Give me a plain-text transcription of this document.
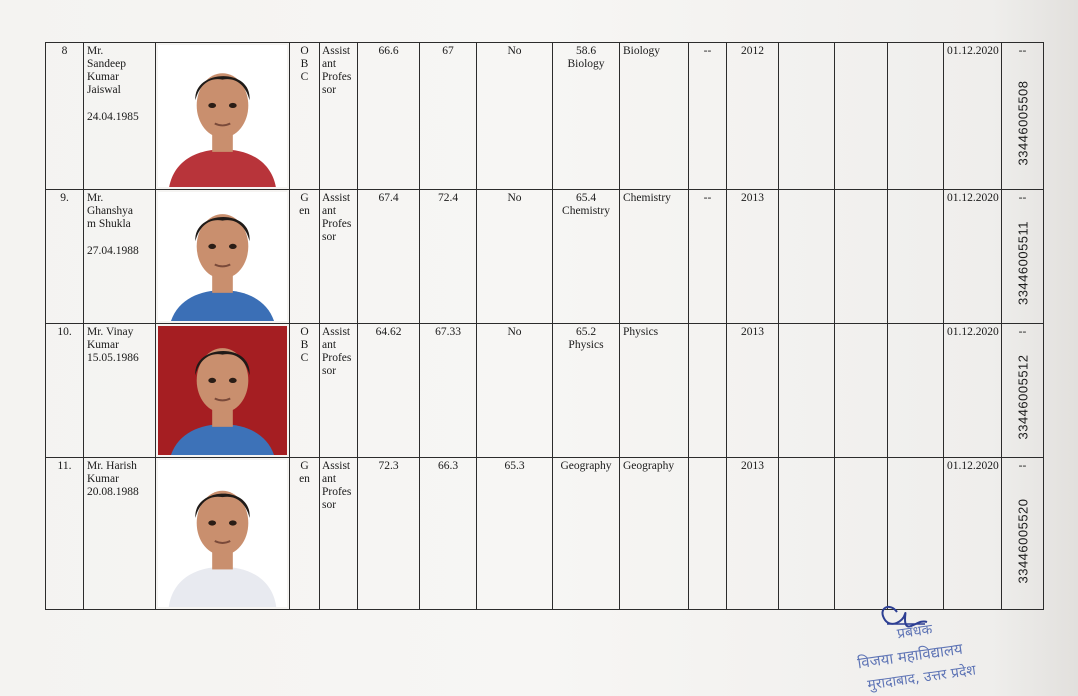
8	Mr.
Sandeep
Kumar
Jaiswal
24.04.1985		O
B
C	Assist
ant
Profes
sor	66.6	67	No	58.6
Biology	Biology	--	2012				01.12.2020	--
33446005508

9.	Mr.
Ghanshya
m Shukla
27.04.1988		G
en	Assist
ant
Profes
sor	67.4	72.4	No	65.4
Chemistry	Chemistry	--	2013				01.12.2020	--
33446005511

10.	Mr. Vinay
Kumar
15.05.1986		O
B
C	Assist
ant
Profes
sor	64.62	67.33	No	65.2
Physics	Physics		2013				01.12.2020	--
33446005512

11.	Mr. Harish
Kumar
20.08.1988		G
en	Assist
ant
Profes
sor	72.3	66.3	65.3	Geography	Geography		2013				01.12.2020	--
33446005520
प्रबंधक
विजया महाविद्यालय
मुरादाबाद, उत्तर प्रदेश
